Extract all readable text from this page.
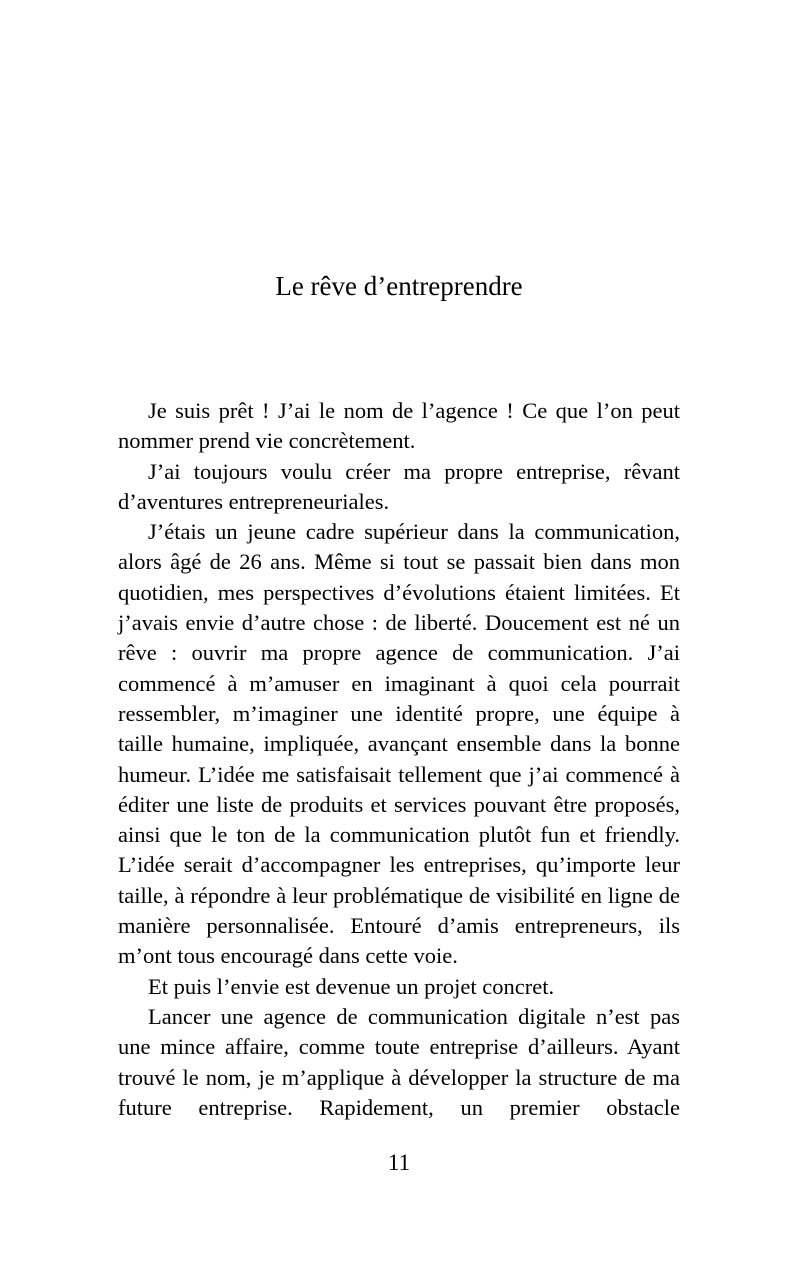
Le rêve d’entreprendre

Je suis prêt ! J’ai le nom de l’agence ! Ce que l’on peut nommer prend vie concrètement.

J’ai toujours voulu créer ma propre entreprise, rêvant d’aventures entrepreneuriales.

J’étais un jeune cadre supérieur dans la communication, alors âgé de 26 ans. Même si tout se passait bien dans mon quotidien, mes perspectives d’évolutions étaient limitées. Et j’avais envie d’autre chose : de liberté. Doucement est né un rêve : ouvrir ma propre agence de communication. J’ai commencé à m’amuser en imaginant à quoi cela pourrait ressembler, m’imaginer une identité propre, une équipe à taille humaine, impliquée, avançant ensemble dans la bonne humeur. L’idée me satisfaisait tellement que j’ai commencé à éditer une liste de produits et services pouvant être proposés, ainsi que le ton de la communication plutôt fun et friendly. L’idée serait d’accompagner les entreprises, qu’importe leur taille, à répondre à leur problématique de visibilité en ligne de manière personnalisée. Entouré d’amis entrepreneurs, ils m’ont tous encouragé dans cette voie.

Et puis l’envie est devenue un projet concret.

Lancer une agence de communication digitale n’est pas une mince affaire, comme toute entreprise d’ailleurs. Ayant trouvé le nom, je m’applique à développer la structure de ma future entreprise. Rapidement, un premier obstacle

11
